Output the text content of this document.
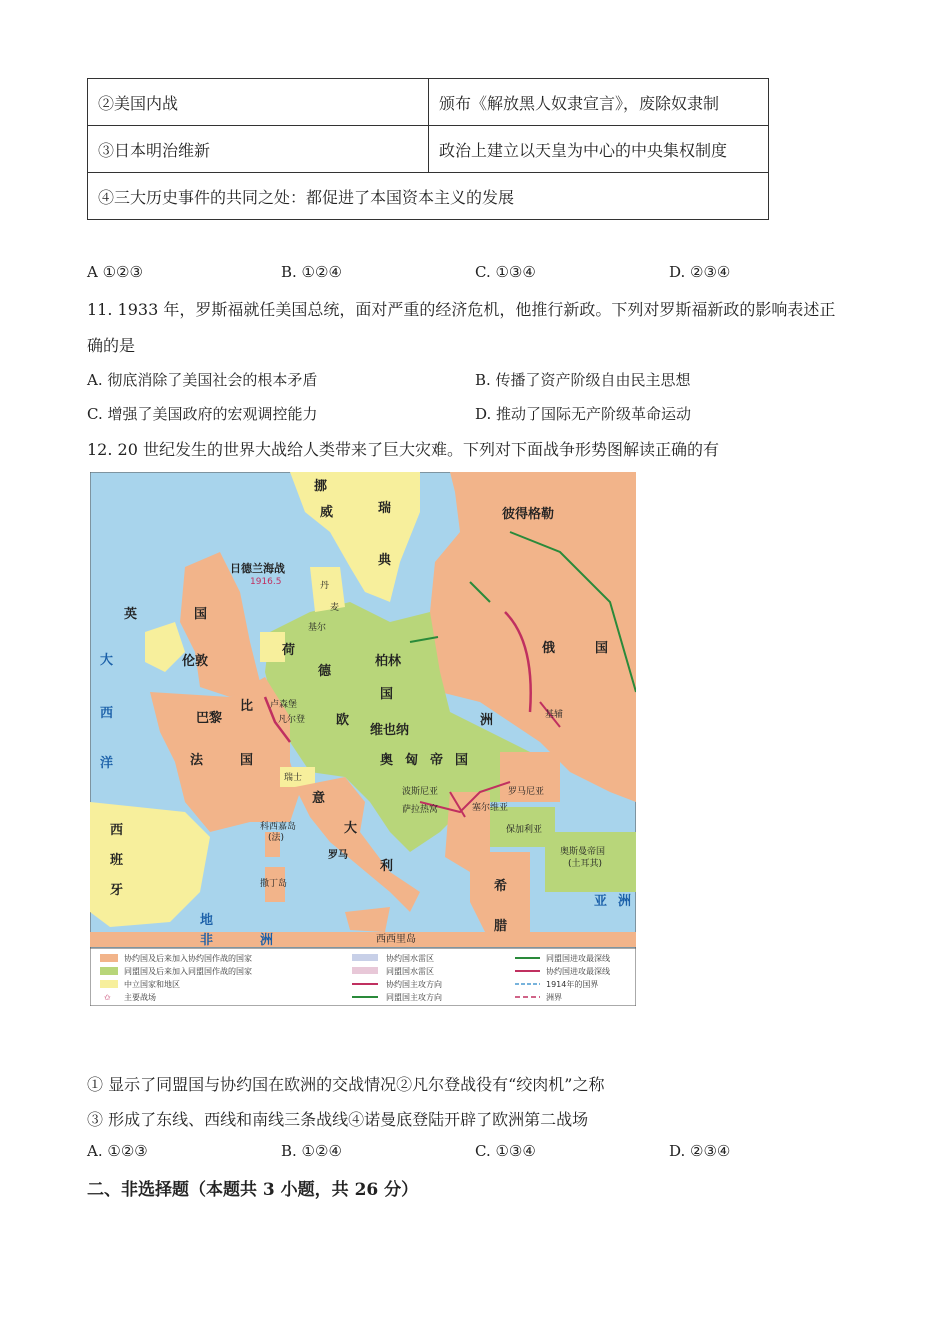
②美国内战	颁布《解放黑人奴隶宣言》，废除奴隶制
③日本明治维新	政治上建立以天皇为中心的中央集权制度
④三大历史事件的共同之处：都促进了本国资本主义的发展	
A ①②③	B. ①②④	C. ①③④	D. ②③④
11. 1933 年，罗斯福就任美国总统，面对严重的经济危机，他推行新政。下列对罗斯福新政的影响表述正
确的是
A. 彻底消除了美国社会的根本矛盾	B. 传播了资产阶级自由民主思想
C. 增强了美国政府的宏观调控能力	D. 推动了国际无产阶级革命运动
12. 20 世纪发生的世界大战给人类带来了巨大灾难。下列对下面战争形势图解读正确的有
挪
威	瑞
典
彼得格勒
日德兰海战
1916.5	丹
麦
基尔
英	国
伦敦
大
西
洋
柏林
德
国
俄	国
基辅
荷
比 卢森堡
巴黎	凡尔登 欧	洲
法	国
维也纳
奥匈帝国
瑞士
意
大
利
罗马
波斯尼亚
萨拉热窝	塞尔维亚
罗马尼亚
保加利亚
西
班
牙
科西嘉岛
(法)
撒丁岛
奥斯曼帝国
(土耳其)
亚 洲
希
腊
西西里岛
非	洲
地
协约国及后来加入协约国作战的国家
同盟国及后来加入同盟国作战的国家
中立国家和地区
✩ 主要战场
协约国水雷区
同盟国水雷区
协约国主攻方向
同盟国主攻方向
同盟国进攻最深线
协约国进攻最深线
1914年的国界
洲界
① 显示了同盟国与协约国在欧洲的交战情况②凡尔登战役有“绞肉机”之称
③ 形成了东线、西线和南线三条战线④诺曼底登陆开辟了欧洲第二战场
A. ①②③	B. ①②④	C. ①③④	D. ②③④
二、非选择题（本题共 3 小题，共 26 分）
